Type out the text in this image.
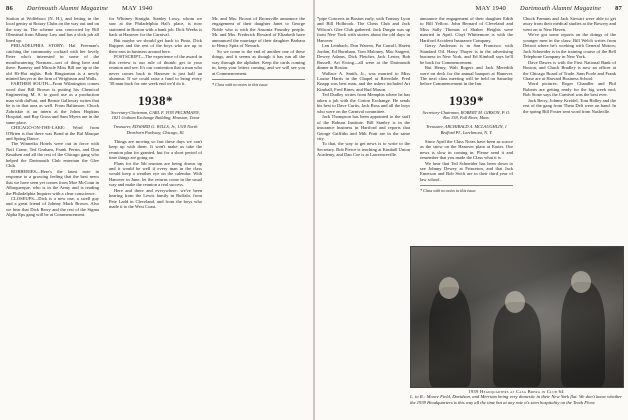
86 Dartmouth Alumni Magazine MAY 1940

Station at Wolfeboro (N. H.), and letting in the local gentry at Rotary Clubs on the way out and on the way in. The scheme was concocted by Bill Olmstead from Albany Law and has a slick job all lined up.

PHILADELPHIA STORY: Hal Freeman's catching the community cocktail with her lovely Peter who's interested in some of the mouthwatering Norman—sort of thing here and there. Barnesy and Miracle Miss Bill are up to the old Hi-Hat nights. Bob Ringtonian is a newly minted lawyer at the firm of Wrightson and Walls.

FARTHER SOUTH—From Wilmington comes word that Bill Brown is putting his Chemical Engineering M. S. to good use as a production man with duPont, and Bernie Galloway writes that he is in that area as well. From Baltimore, Chuck Zabriskie is an intern at the Johns Hopkins Hospital, and Ray Gross and Sam Myers are in the same place.

CHICAGO-ON-THE-LAKE: Word from O'Brien is that there was Bond at the Bal Masque and Spring Dance.

The Winnetka Hotels were out in force with Neil Crane, Ted Graham, Frank Perrin, and Don Knudsen and all the rest of the Chicago gang who helped the Dartmouth Club entertain the Glee Club.

ROBBERIES—Here's the latest note in response to a growing feeling that the best news that we have seen yet comes from Moe McCoun in Albuquerque, who is in the Army and is reading the Philadelphia Inquirer with a clear conscience.

CLOSEUPS—Dick is a new one, a swell guy and a great friend of Johnny Mack Brown. Also we hear that Dick Berry and the rest of the Sigma Alpha Eps gang will be at Commencement.

for Whitney Straight. Stanley Lowy, whom we saw at the Philadelphia Hal's place, is now stationed in Boston with a bank job. Dick Weeks is back at Hanover for the Carnival.

But maybe we should get back to Pinto, Dick Ruppert and the rest of the boys who are up to their ears in business around here.

POSTSCRIPT—The experience of the award in this review is our rule of thumb: get to your reunion and see. It's our contention that a man who never comes back to Hanover is just half an alumnus. If we could raise a fund to bring every '38 man back for one week end we'd do it.

1938*
Secretary-Chairman, CARL F. VON PECHMANN, 1821 Gotham Exchange Building, Houston, Texas
Treasurer, EDWARD G. WILLS, Jr., 1318 North Dearborn Parkway, Chicago, Ill.

Things are moving so fast these days we can't keep up with them. It won't make us take the reunion plan for granted, but for a short period of time things are going on.

Plans for the 5th reunion are being drawn up and it would be well if every man in the class would keep a weather eye on the calendar. With Hanover in June, let the returns come in the usual way and make the reunion a real success.

Here and there and everywhere: we've been hearing from the Lewis family in Buffalo, from Pete Ladd in Cleveland, and from the boys who made it to the West Coast.

Mr. and Mrs. Brown of Bronxville announce the engagement of their daughter Janet to George Noble who is with the Ansonia Foundry people. Mr. and Mrs. Frederick Howard of Elizabeth have announced the marriage of their daughter Barbara to Henry Spitz of Newark.

So we come to the end of another one of these things, and it seems as though it has run all the way through the alphabet. Keep the cards coming in, keep your letters coming, and we will see you at Commencement.

* Class with no notes in this issue.
MAY 1940 Dartmouth Alumni Magazine 87

*pipe Concerts in Boston early, with Tommy Lyon and Bill Holbrook. The Chess Club and Jack Wilson's Glee Club gathered. Jack Durgin was up from New York with stories about the old days in Hanover.

Len Leinbach, Don Warren, Pat Carroll, Hazen Jordan, Ed Burnham, Tom Maloney, Mac Sargent, Dewey Adams, Dick Fletcher, Jack Lester, Bob Russell, Art Ewing—all were at the Dartmouth dinner in Boston.

Wallace A. Smith, Jr., was married to Miss Louise Harris in the Chapel at Riverdale. Fred Knapp was best man, and the ushers included Art Kimball, Fred Rines, and Bud Mason.

Ted Dudley writes from Memphis where he has taken a job with the Cotton Exchange. He sends his best to Dave Curtis, Jack Ross and all the boys who were on the Carnival committee.

Jack Thompson has been appointed to the staff of the Babson Institute. Bill Stanley is in the insurance business in Hartford and reports that George Griffiths and Milt Pratt are in the same city.

To that, the way to get news is to write to the Secretary. Bob Pierce is teaching at Kimball Union Academy, and Dan Coe is at Lawrenceville.

announce the engagement of their daughter Edith to Bill Yellow. John Bernard of Cleveland and Miss Sally Thomas of Shaker Heights were married in April. Clayt Whittemore is with the Hartford Accident Insurance Company.

Gerry Anderson is in San Francisco with Standard Oil. Harry Thayer is in the advertising business in New York, and Ed Kimball says he'll be back for Commencement.

Rut Henry, Walt Rogers and Jack Meredith were on deck for the annual banquet at Hanover. The next class meeting will be held on Saturday before Commencement in the Inn.

1939*
Secretary-Chairman, ROBERT M. GIBSON, P. O. Box 338, Fall River, Mass.
Treasurer, ARCHIBALD A. MCLAUGHLIN, 1 Bedford Pl., Larchmont, N. Y.

Since April the Class Notes have been as scarce as the snow on the Hanover plain at Easter. Our news is slow in coming in. Please send it and remember that you made the Class what it is.

We hear that Ted Schneider has been down to see Johnny Dewey at Princeton, and that Jack Emerson and Bob Swift are in their third year of law school.

* Class with no notes in this issue.

Chuck Farnum and Jack Stewart were able to get away from their medical studies at the Bowery and went on to New Haven.

We've got some reports on the doings of the younger men in the class: Bill Welch writes from Detroit where he's working with General Motors; Jack Schneider is in the training course of the Bell Telephone Company in New York.

Dave Dawes is with the First National Bank of Boston, and Chuck Bradley is now an officer at the Chicago Board of Trade. Sam Poole and Frank Chase are at Harvard Business School.

Word pictures: Roger Chandler and Phil Roberts are getting ready for the big week end; Bob Stone says the Carnival was the best ever.

Jack Berry, Johnny Kreidel, Tom Ridley and the rest of the gang from Theta Delt were on hand. In the spring Bill Foster sent word from Nashville.

1939 Headquarters at Casa Brera in Club 64
L. to R.: Moore Field, Davidson, and Merriam being very domestic in their New York flat. We don't know whether the 1939 Headquarters is this way all the time but at any rate it's seen hospitality on the Tenth Floor.
